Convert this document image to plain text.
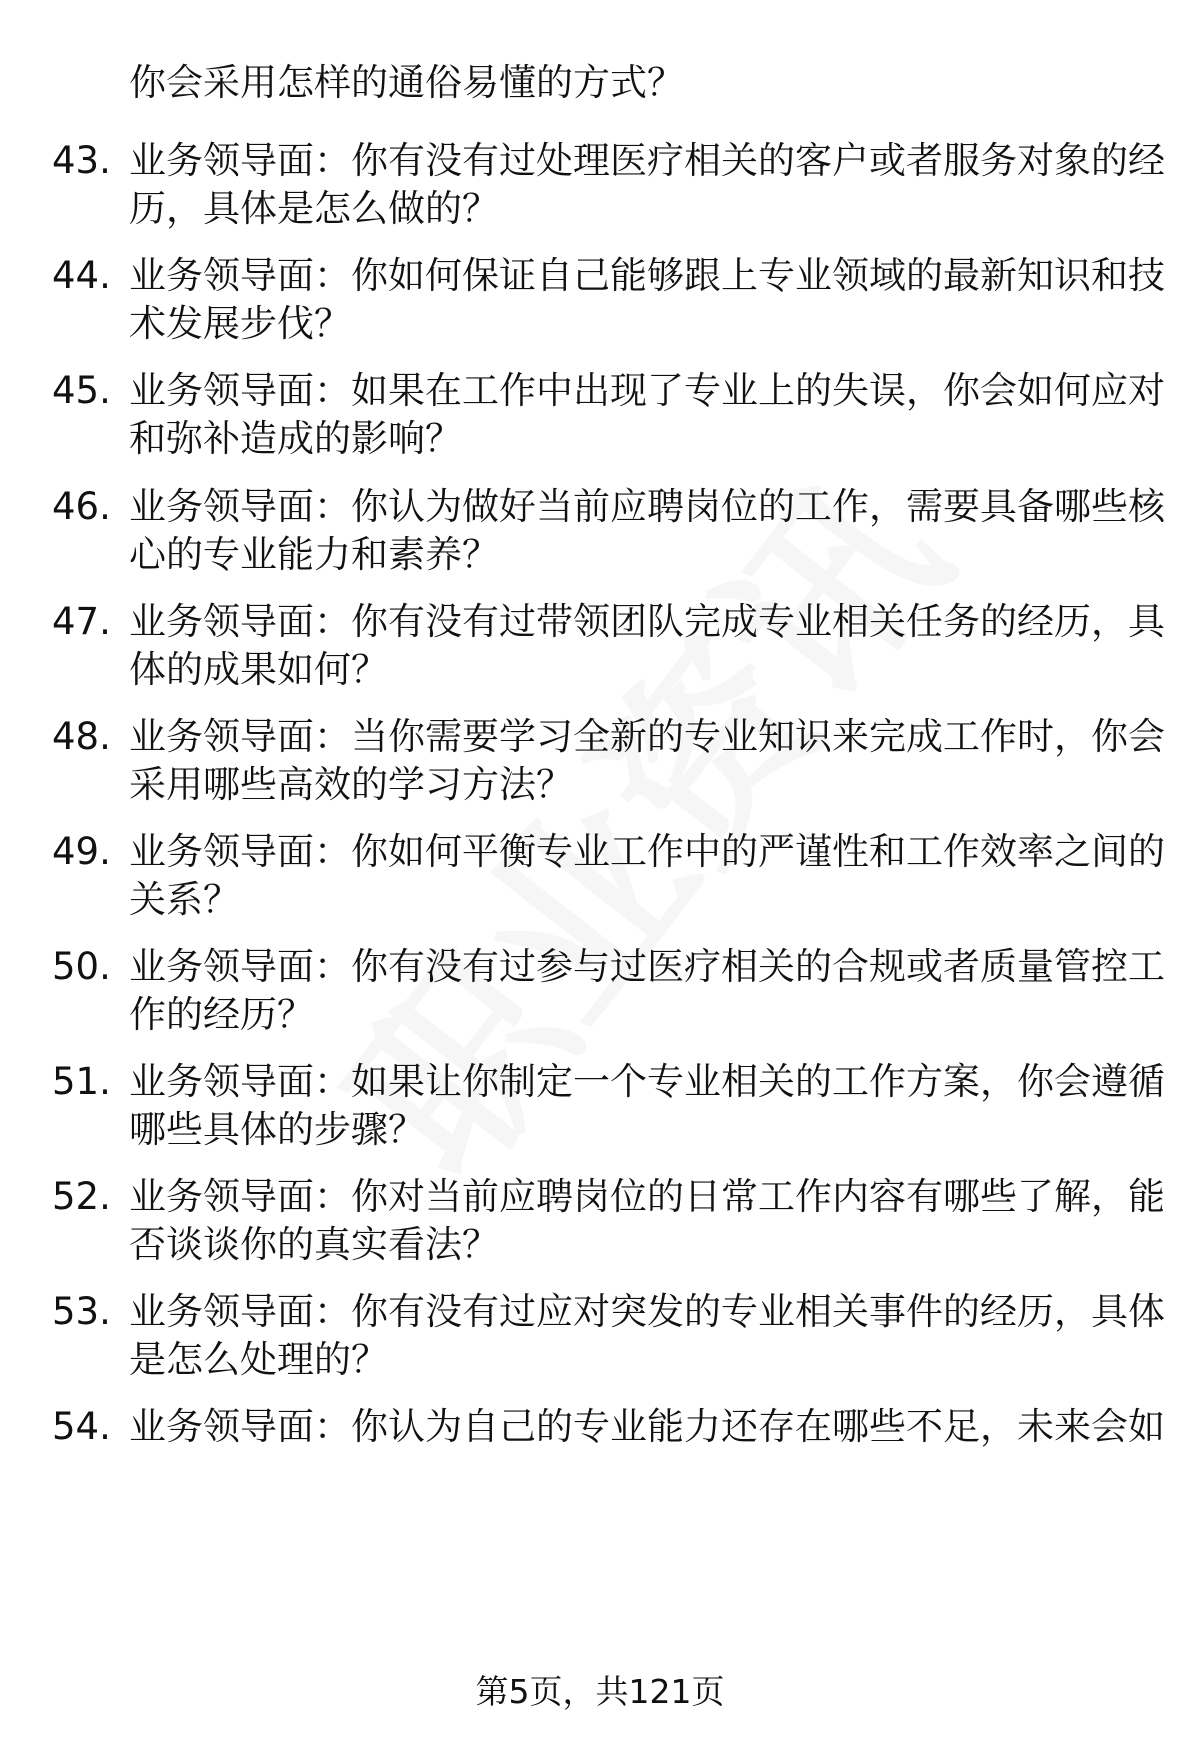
你会采用怎样的通俗易懂的方式？
43. 业务领导面：你有没有过处理医疗相关的客户或者服务对象的经
历，具体是怎么做的？
44. 业务领导面：你如何保证自己能够跟上专业领域的最新知识和技
术发展步伐？
45. 业务领导面：如果在工作中出现了专业上的失误，你会如何应对
和弥补造成的影响？
46. 业务领导面：你认为做好当前应聘岗位的工作，需要具备哪些核
心的专业能力和素养？
47. 业务领导面：你有没有过带领团队完成专业相关任务的经历，具
体的成果如何？
48. 业务领导面：当你需要学习全新的专业知识来完成工作时，你会
采用哪些高效的学习方法？
49. 业务领导面：你如何平衡专业工作中的严谨性和工作效率之间的
关系？
50. 业务领导面：你有没有过参与过医疗相关的合规或者质量管控工
作的经历？
51. 业务领导面：如果让你制定一个专业相关的工作方案，你会遵循
哪些具体的步骤？
52. 业务领导面：你对当前应聘岗位的日常工作内容有哪些了解，能
否谈谈你的真实看法？
53. 业务领导面：你有没有过应对突发的专业相关事件的经历，具体
是怎么处理的？
54. 业务领导面：你认为自己的专业能力还存在哪些不足，未来会如
第5页，共121页
